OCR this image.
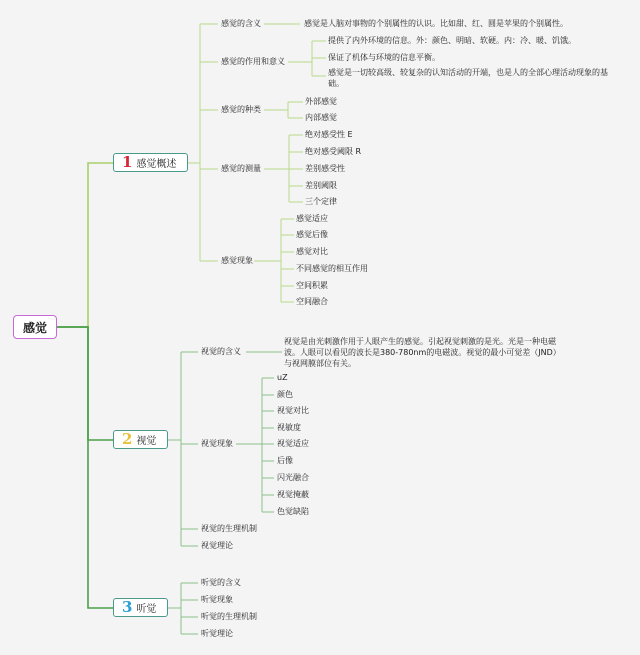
感觉
1 感觉概述
2 视觉
3 听觉
感觉的含义	感觉是人脑对事物的个别属性的认识。比如甜、红、圆是苹果的个别属性。
感觉的作用和意义
提供了内外环境的信息。外：颜色、明暗、软硬。内：冷、暖、饥饿。
保证了机体与环境的信息平衡。
感觉是一切较高级、较复杂的认知活动的开端，也是人的全部心理活动现象的基础。
感觉的种类
外部感觉
内部感觉
感觉的测量
绝对感受性 E
绝对感受阈限 R
差别感受性
差别阈限
三个定律
感觉现象
感觉适应
感觉后像
感觉对比
不同感觉的相互作用
空间积累
空间融合
视觉的含义
视觉是由光刺激作用于人眼产生的感觉。引起视觉刺激的是光。光是一种电磁波。人眼可以看见的波长是380-780nm的电磁波。视觉的最小可觉差（JND） 与视网膜部位有关。
视觉现象
uZ
颜色
视觉对比
视敏度
视觉适应
后像
闪光融合
视觉掩蔽
色觉缺陷
视觉的生理机制
视觉理论
听觉的含义
听觉现象
听觉的生理机制
听觉理论
